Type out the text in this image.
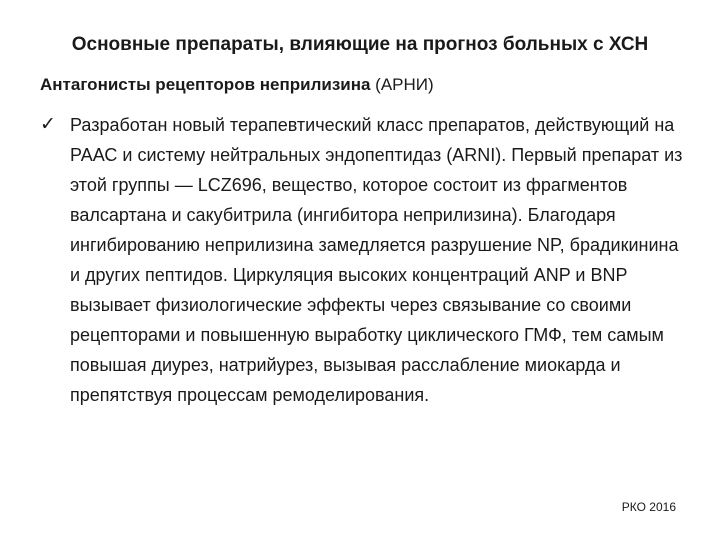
Основные препараты, влияющие на прогноз больных с ХСН
Антагонисты рецепторов неприлизина (АРНИ)
✓ Разработан новый терапевтический класс препаратов, действующий на РААС и систему нейтральных эндопептидаз (ARNI). Первый препарат из этой группы — LCZ696, вещество, которое состоит из фрагментов валсартана и сакубитрила (ингибитора неприлизина). Благодаря ингибированию неприлизина замедляется разрушение NP, брадикинина и других пептидов. Циркуляция высоких концентраций ANP и BNP вызывает физиологические эффекты через связывание со своими рецепторами и повышенную выработку циклического ГМФ, тем самым повышая диурез, натрийурез, вызывая расслабление миокарда и препятствуя процессам ремоделирования.
РКО 2016
